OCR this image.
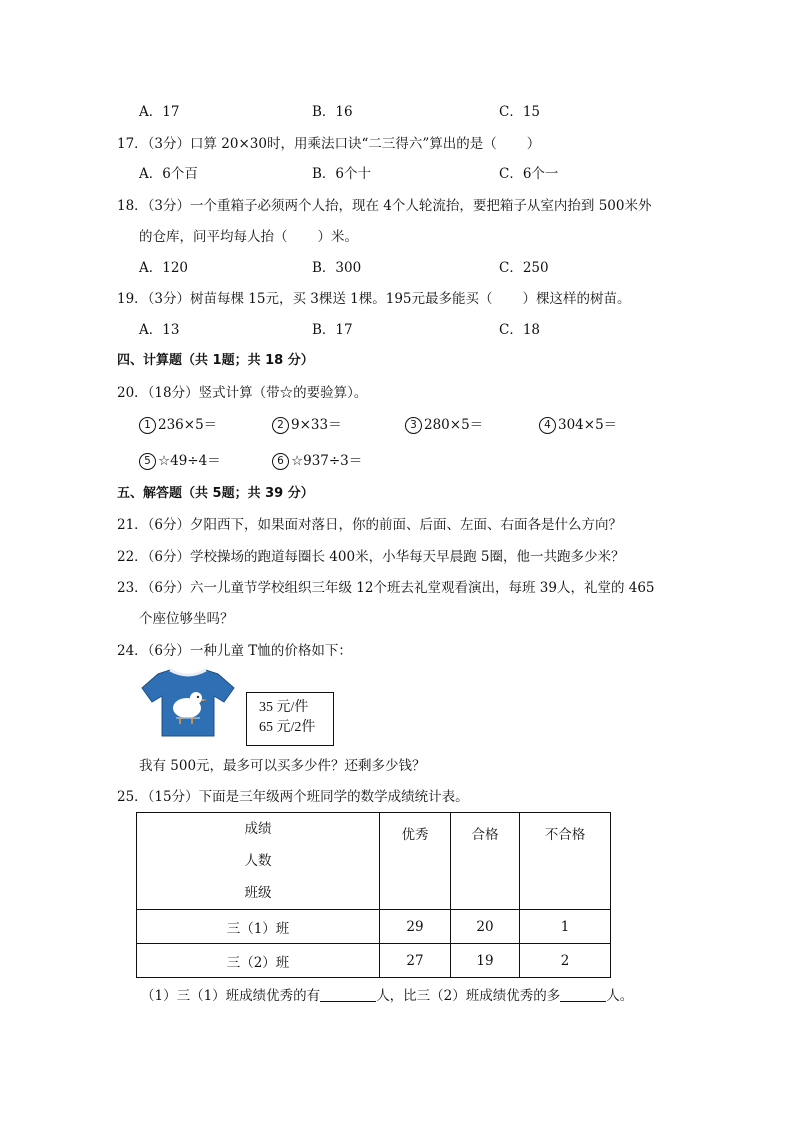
A．17	B．16	C．15
17．（3分）口算 20×30时，用乘法口诀“二三得六”算出的是（ ）
A．6个百	B．6个十	C．6个一
18．（3分）一个重箱子必须两个人抬，现在 4个人轮流抬，要把箱子从室内抬到 500米外
的仓库，问平均每人抬（ ）米。
A．120	B．300	C．250
19．（3分）树苗每棵 15元，买 3棵送 1棵。195元最多能买（ ）棵这样的树苗。
A．13	B．17	C．18
四、计算题（共 1题；共 18 分）
20．（18分）竖式计算（带☆的要验算）。
1 236×5＝	2 9×33＝	3 280×5＝	4 304×5＝
5 ☆49÷4＝	6 ☆937÷3＝
五、解答题（共 5题；共 39 分）
21．（6分）夕阳西下，如果面对落日，你的前面、后面、左面、右面各是什么方向？
22．（6分）学校操场的跑道每圈长 400米，小华每天早晨跑 5圈，他一共跑多少米？
23．（6分）六一儿童节学校组织三年级 12个班去礼堂观看演出，每班 39人，礼堂的 465
个座位够坐吗？
24．（6分）一种儿童 T恤的价格如下：
35 元/件
65 元/2件
我有 500元，最多可以买多少件？还剩多少钱？
25．（15分）下面是三年级两个班同学的数学成绩统计表。
成绩
人数
班级	优秀	合格	不合格
三（1）班	29	20	1
三（2）班	27	19	2
（1）三（1）班成绩优秀的有	人，比三（2）班成绩优秀的多	人。
